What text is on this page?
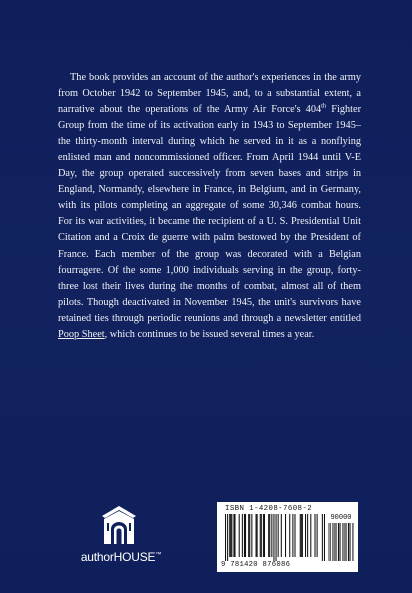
The book provides an account of the author's experiences in the army from October 1942 to September 1945, and, to a substantial extent, a narrative about the operations of the Army Air Force's 404th Fighter Group from the time of its activation early in 1943 to September 1945–the thirty-month interval during which he served in it as a nonflying enlisted man and noncommissioned officer. From April 1944 until V-E Day, the group operated successively from seven bases and strips in England, Normandy, elsewhere in France, in Belgium, and in Germany, with its pilots completing an aggregate of some 30,346 combat hours. For its war activities, it became the recipient of a U. S. Presidential Unit Citation and a Croix de guerre with palm bestowed by the President of France. Each member of the group was decorated with a Belgian fourragere. Of the some 1,000 individuals serving in the group, forty-three lost their lives during the months of combat, almost all of them pilots. Though deactivated in November 1945, the unit's survivors have retained ties through periodic reunions and through a newsletter entitled Poop Sheet, which continues to be issued several times a year.

authorHOUSE™
ISBN 1-4208-7608-2
90000
9 781420 876086
